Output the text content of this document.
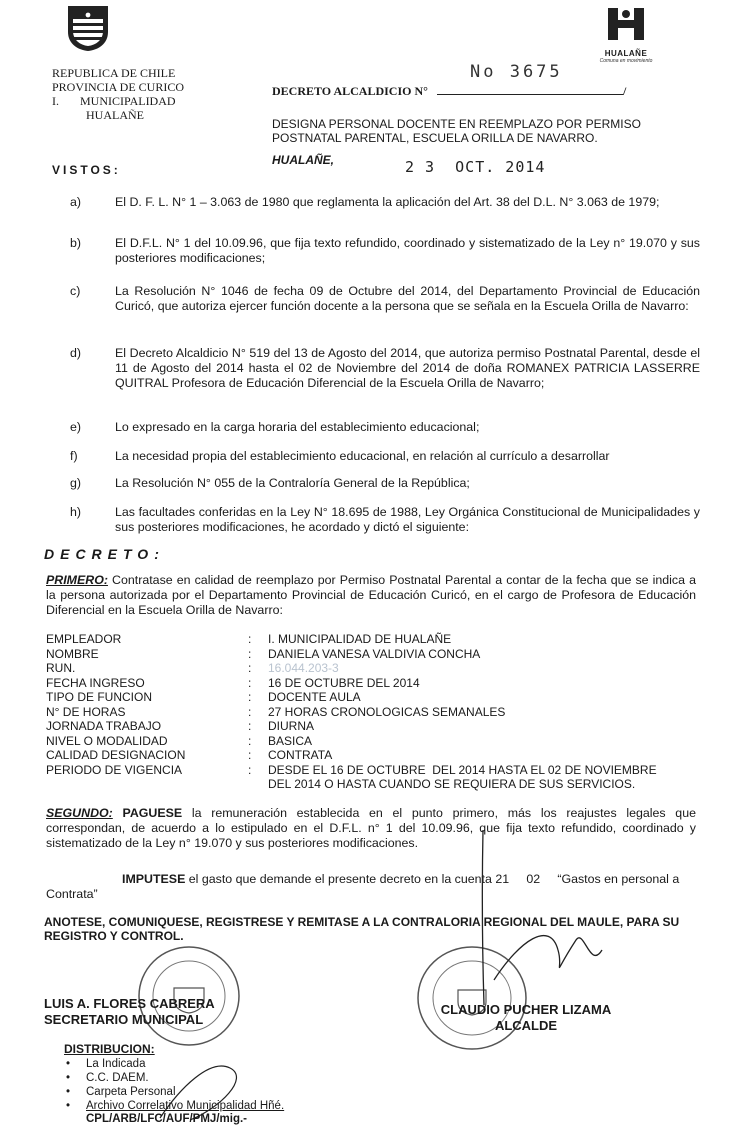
REPUBLICA DE CHILE
PROVINCIA DE CURICO
I.       MUNICIPALIDAD
HUALAÑE
HUALAÑE
Comuna en movimiento
No 3675
DECRETO ALCALDICIO N°	/
DESIGNA PERSONAL DOCENTE EN REEMPLAZO POR PERMISO POSTNATAL PARENTAL, ESCUELA ORILLA DE NAVARRO.
HUALAÑE,	2 3  OCT. 2014
VISTOS:
a)	El D. F. L. N° 1 – 3.063 de 1980 que reglamenta la aplicación del Art. 38 del D.L. N° 3.063 de 1979;
b)	El D.F.L. N° 1 del 10.09.96, que fija texto refundido, coordinado y sistematizado de la Ley n° 19.070 y sus posteriores modificaciones;
c)	La Resolución N° 1046 de fecha 09 de Octubre del 2014, del Departamento Provincial de Educación Curicó, que autoriza ejercer función docente a la persona que se señala en la Escuela Orilla de Navarro:
d)	El Decreto Alcaldicio N° 519 del 13 de Agosto del 2014, que autoriza permiso Postnatal Parental, desde el 11 de Agosto del 2014 hasta el 02 de Noviembre del 2014 de doña ROMANEX PATRICIA LASSERRE QUITRAL Profesora de Educación Diferencial de la Escuela Orilla de Navarro;
e)	Lo expresado en la carga horaria del establecimiento educacional;
f)	La necesidad propia del establecimiento educacional, en relación al currículo a desarrollar
g)	La Resolución N° 055 de la Contraloría General de la República;
h)	Las facultades conferidas en la Ley N° 18.695 de 1988, Ley Orgánica Constitucional de Municipalidades y sus posteriores modificaciones, he acordado y dictó el siguiente:
DECRETO:
PRIMERO: Contratase en calidad de reemplazo por Permiso Postnatal Parental a contar de la fecha que se indica a la persona autorizada por el Departamento Provincial de Educación Curicó, en el cargo de Profesora de Educación Diferencial en la Escuela Orilla de Navarro:
EMPLEADOR	: I. MUNICIPALIDAD DE HUALAÑE
NOMBRE	: DANIELA VANESA VALDIVIA CONCHA
RUN.	: 16.044.203-3
FECHA INGRESO	: 16 DE OCTUBRE DEL 2014
TIPO DE FUNCION	: DOCENTE AULA
N° DE HORAS	: 27 HORAS CRONOLOGICAS SEMANALES
JORNADA TRABAJO	: DIURNA
NIVEL O MODALIDAD	: BASICA
CALIDAD DESIGNACION	: CONTRATA
PERIODO DE VIGENCIA	: DESDE EL 16 DE OCTUBRE  DEL 2014 HASTA EL 02 DE NOVIEMBRE
DEL 2014 O HASTA CUANDO SE REQUIERA DE SUS SERVICIOS.
SEGUNDO: PAGUESE la remuneración establecida en el punto primero, más los reajustes legales que correspondan, de acuerdo a lo estipulado en el D.F.L. n° 1 del 10.09.96, que fija texto refundido, coordinado y sistematizado de la Ley n° 19.070 y sus posteriores modificaciones.
IMPUTESE el gasto que demande el presente decreto en la cuenta 21     02     “Gastos en personal a Contrata”
ANOTESE, COMUNIQUESE, REGISTRESE Y REMITASE A LA CONTRALORIA REGIONAL DEL MAULE, PARA SU REGISTRO Y CONTROL.
LUIS A. FLORES CABRERA
SECRETARIO MUNICIPAL
CLAUDIO PUCHER LIZAMA
ALCALDE
DISTRIBUCION:
• La Indicada
• C.C. DAEM.
• Carpeta Personal
• Archivo Correlativo Municipalidad Hñé.
CPL/ARB/LFC/AUF/PMJ/mig.-
